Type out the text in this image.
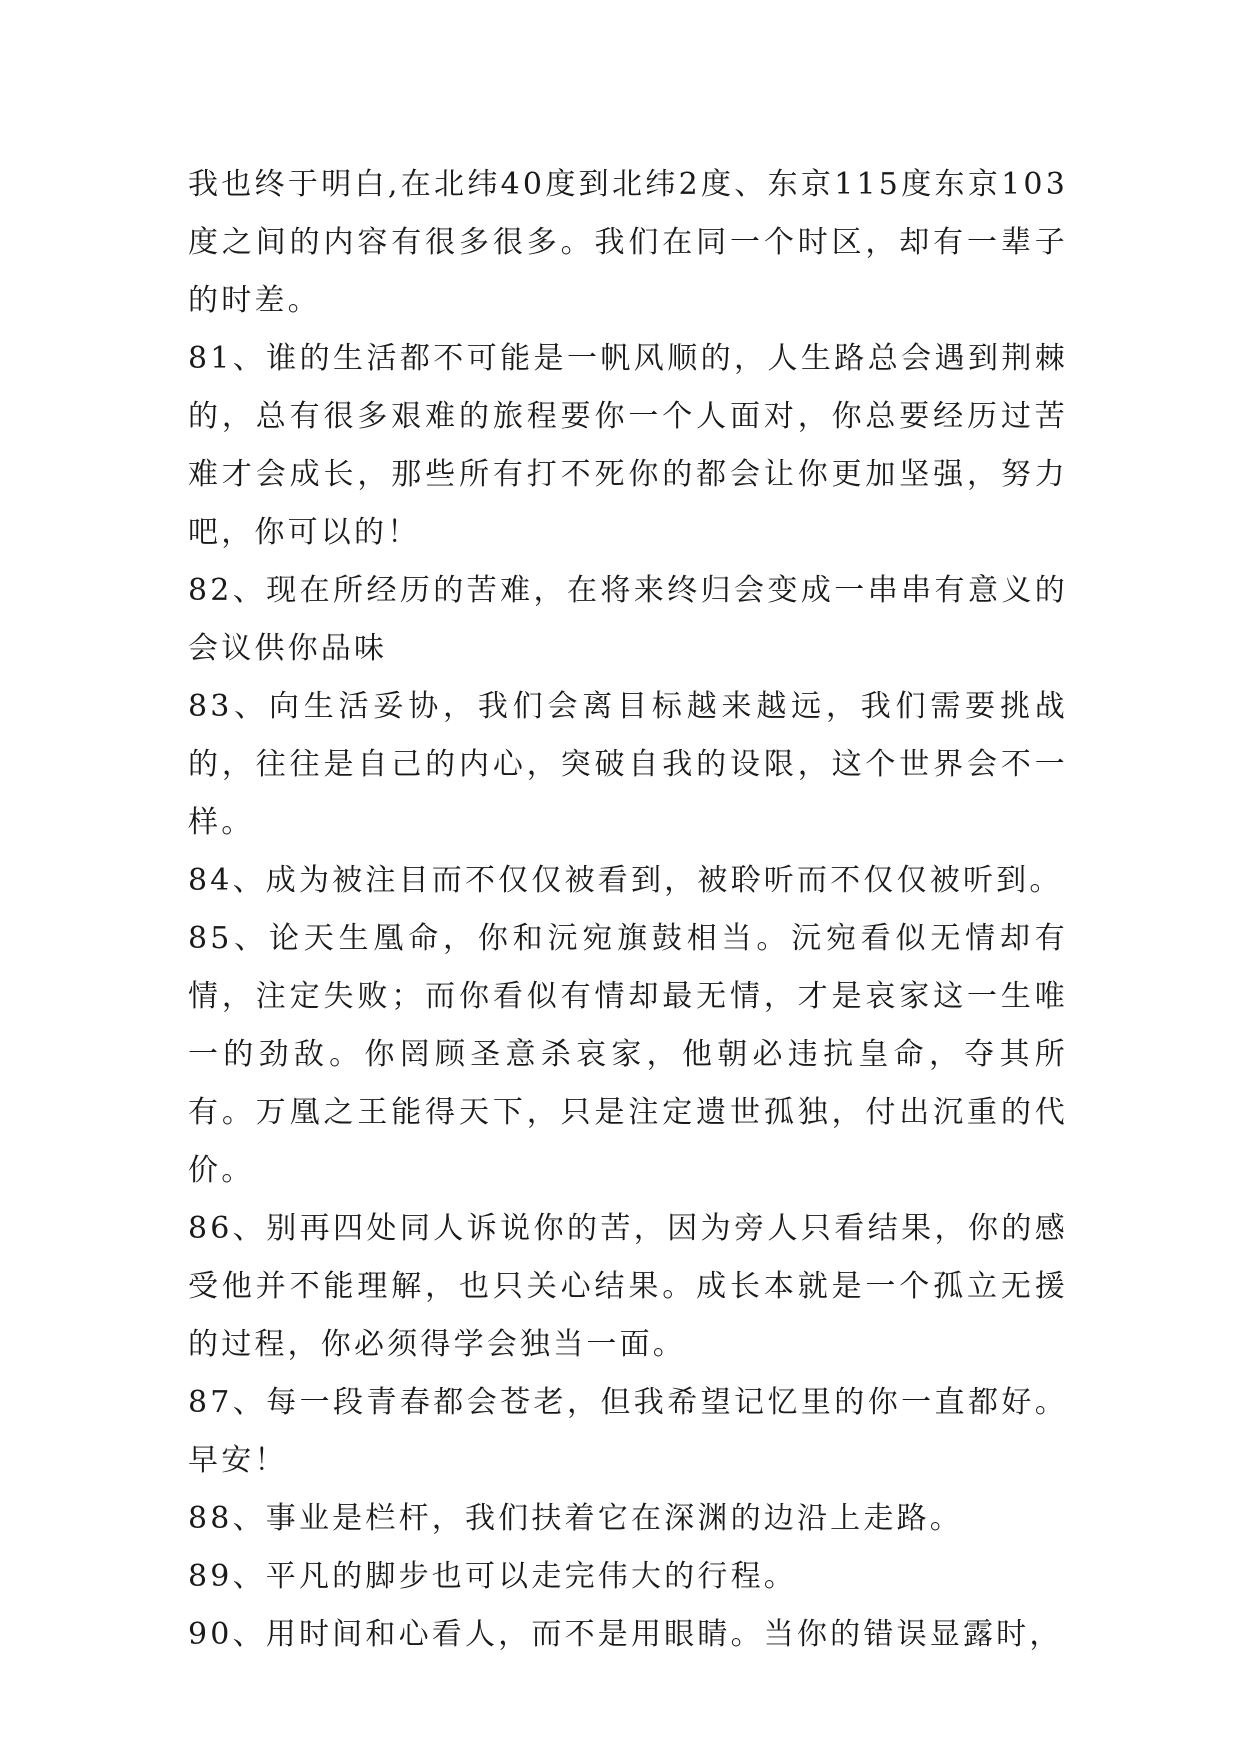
我也终于明白,在北纬40度到北纬2度、东京115度东京103度之间的内容有很多很多。我们在同一个时区，却有一辈子的时差。

81、谁的生活都不可能是一帆风顺的，人生路总会遇到荆棘的，总有很多艰难的旅程要你一个人面对，你总要经历过苦难才会成长，那些所有打不死你的都会让你更加坚强，努力吧，你可以的！

82、现在所经历的苦难，在将来终归会变成一串串有意义的会议供你品味

83、向生活妥协，我们会离目标越来越远，我们需要挑战的，往往是自己的内心，突破自我的设限，这个世界会不一样。

84、成为被注目而不仅仅被看到，被聆听而不仅仅被听到。

85、论天生凰命，你和沅宛旗鼓相当。沅宛看似无情却有情，注定失败；而你看似有情却最无情，才是哀家这一生唯一的劲敌。你罔顾圣意杀哀家，他朝必违抗皇命，夺其所有。万凰之王能得天下，只是注定遗世孤独，付出沉重的代价。

86、别再四处同人诉说你的苦，因为旁人只看结果，你的感受他并不能理解，也只关心结果。成长本就是一个孤立无援的过程，你必须得学会独当一面。

87、每一段青春都会苍老，但我希望记忆里的你一直都好。早安！

88、事业是栏杆，我们扶着它在深渊的边沿上走路。

89、平凡的脚步也可以走完伟大的行程。

90、用时间和心看人，而不是用眼睛。当你的错误显露时，
